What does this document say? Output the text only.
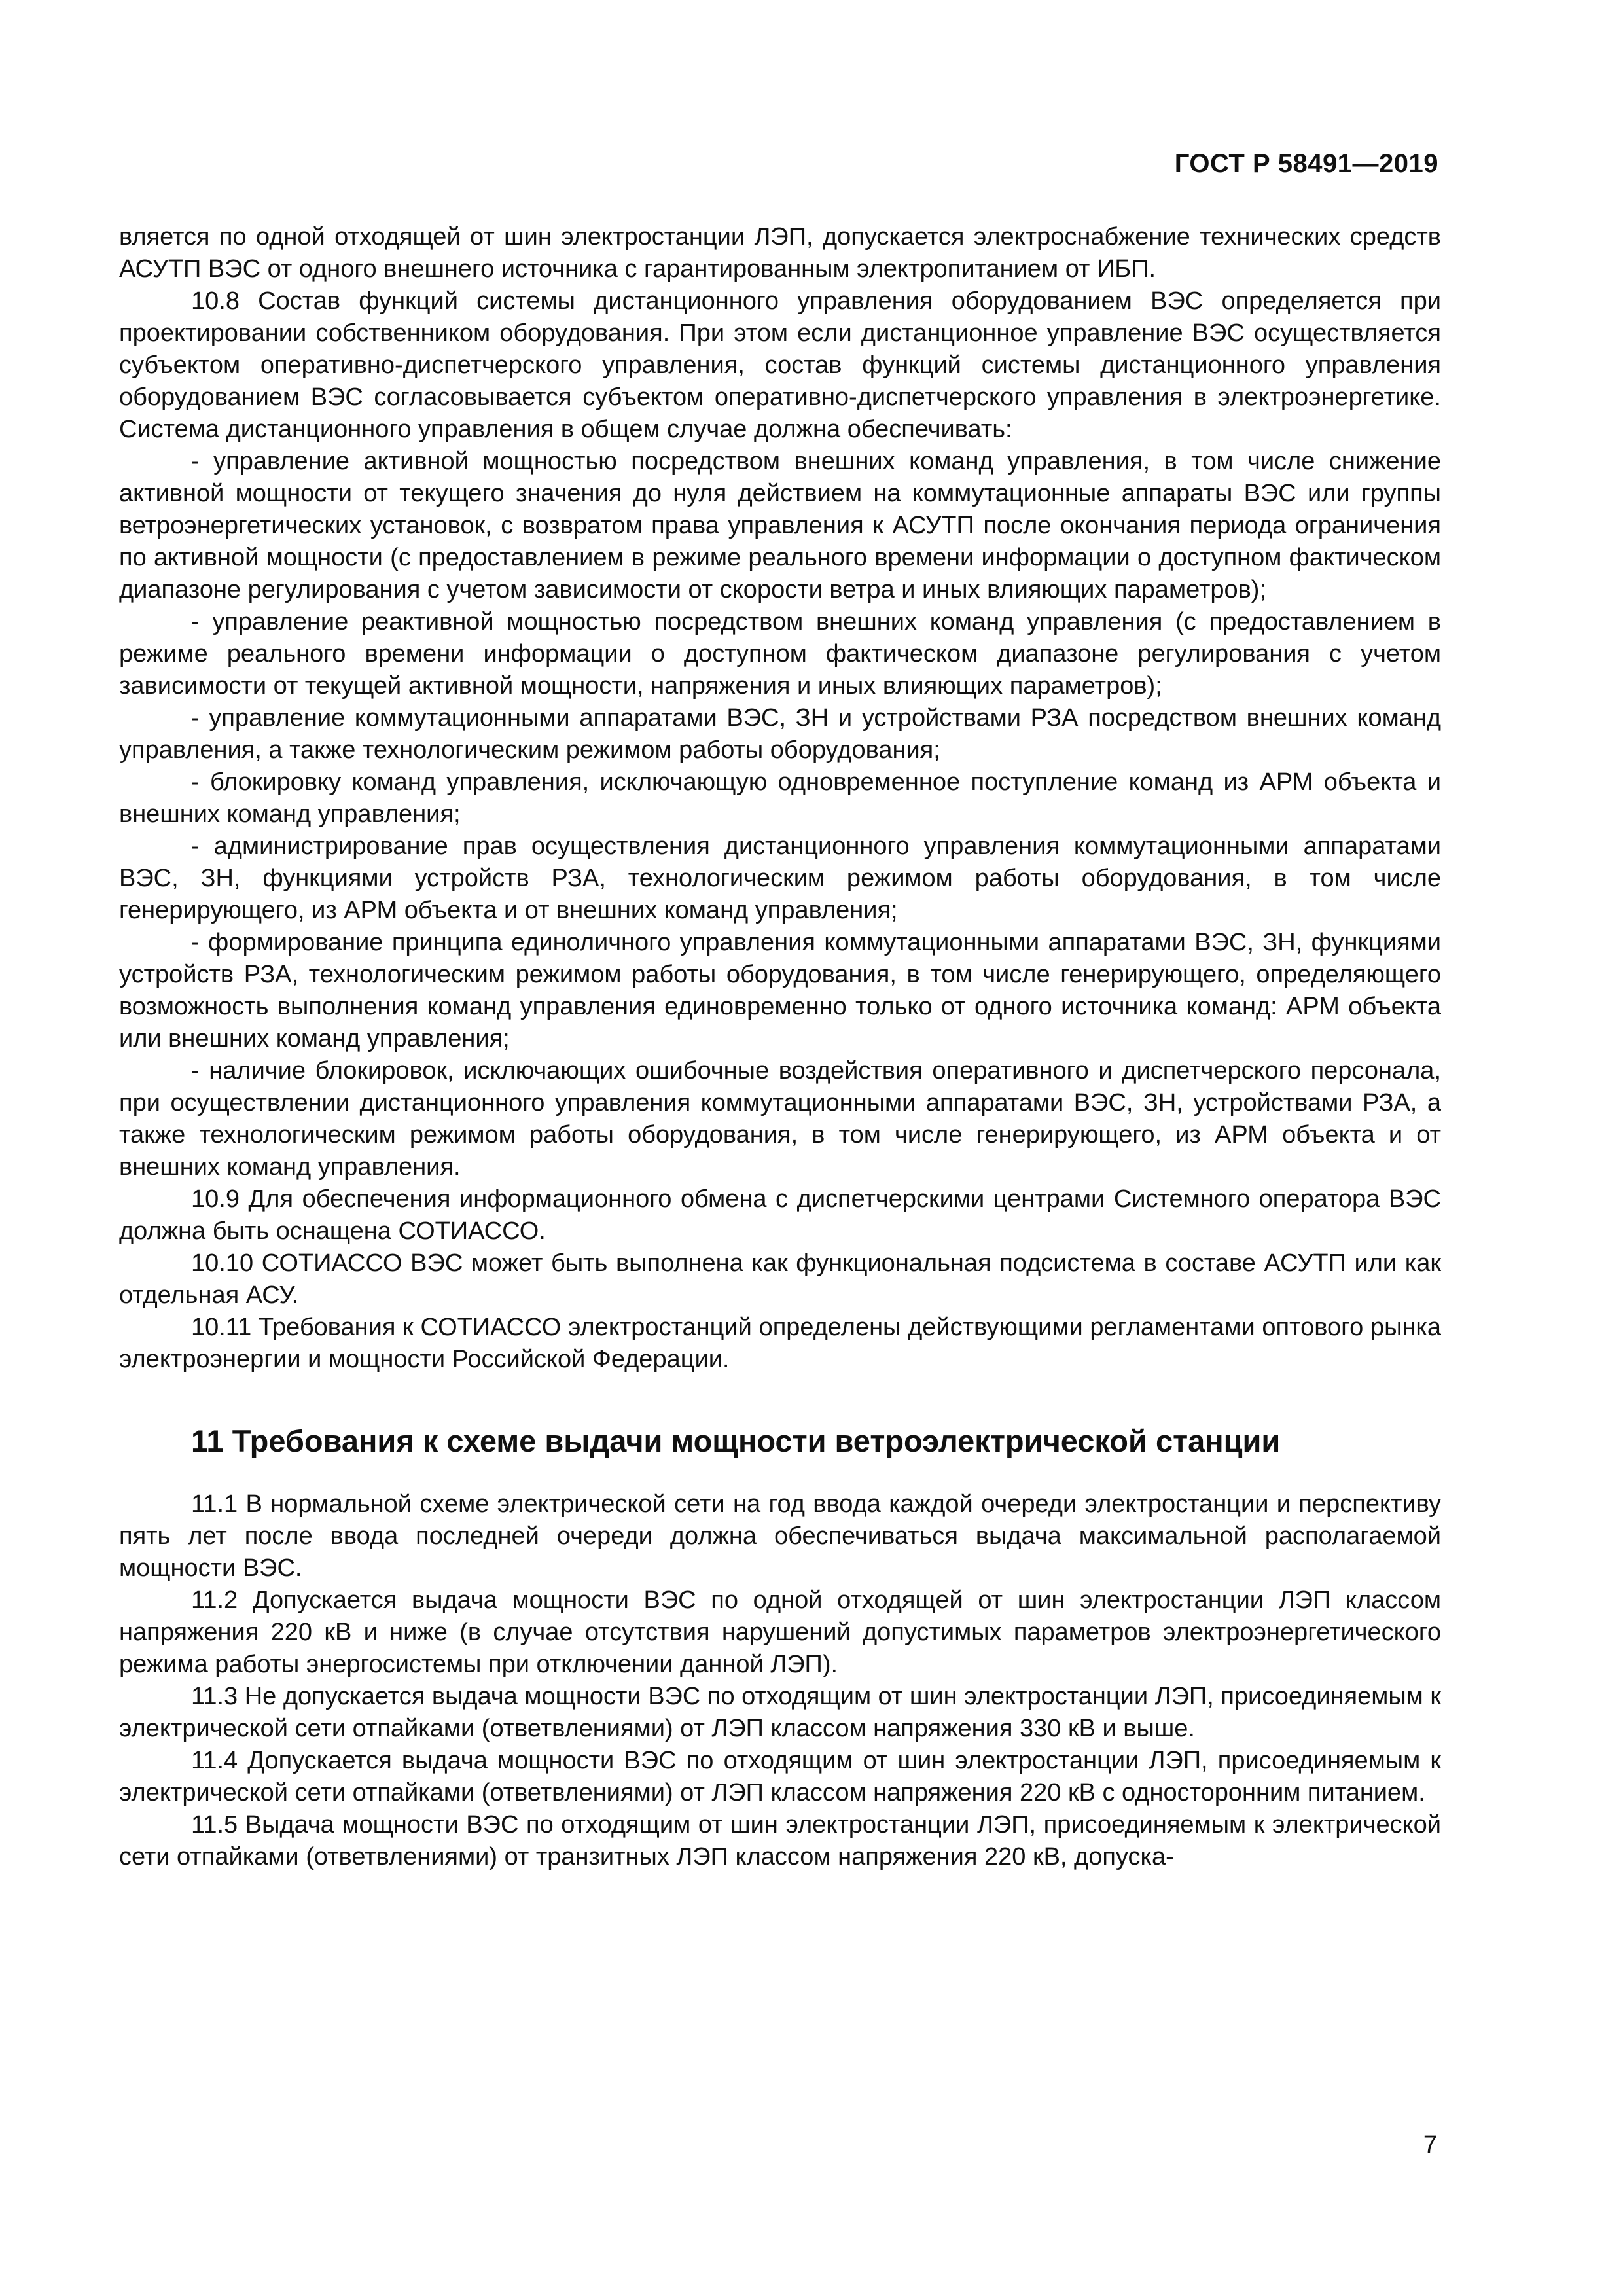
ГОСТ Р 58491—2019

вляется по одной отходящей от шин электростанции ЛЭП, допускается электроснабжение технических средств АСУТП ВЭС от одного внешнего источника с гарантированным электропитанием от ИБП.

10.8 Состав функций системы дистанционного управления оборудованием ВЭС определяется при проектировании собственником оборудования. При этом если дистанционное управление ВЭС осуществляется субъектом оперативно-диспетчерского управления, состав функций системы дистанционного управления оборудованием ВЭС согласовывается субъектом оперативно-диспетчерского управления в электроэнергетике. Система дистанционного управления в общем случае должна обеспечивать:

- управление активной мощностью посредством внешних команд управления, в том числе снижение активной мощности от текущего значения до нуля действием на коммутационные аппараты ВЭС или группы ветроэнергетических установок, с возвратом права управления к АСУТП после окончания периода ограничения по активной мощности (с предоставлением в режиме реального времени информации о доступном фактическом диапазоне регулирования с учетом зависимости от скорости ветра и иных влияющих параметров);

- управление реактивной мощностью посредством внешних команд управления (с предоставлением в режиме реального времени информации о доступном фактическом диапазоне регулирования с учетом зависимости от текущей активной мощности, напряжения и иных влияющих параметров);

- управление коммутационными аппаратами ВЭС, ЗН и устройствами РЗА посредством внешних команд управления, а также технологическим режимом работы оборудования;

- блокировку команд управления, исключающую одновременное поступление команд из АРМ объекта и внешних команд управления;

- администрирование прав осуществления дистанционного управления коммутационными аппаратами ВЭС, ЗН, функциями устройств РЗА, технологическим режимом работы оборудования, в том числе генерирующего, из АРМ объекта и от внешних команд управления;

- формирование принципа единоличного управления коммутационными аппаратами ВЭС, ЗН, функциями устройств РЗА, технологическим режимом работы оборудования, в том числе генерирующего, определяющего возможность выполнения команд управления единовременно только от одного источника команд: АРМ объекта или внешних команд управления;

- наличие блокировок, исключающих ошибочные воздействия оперативного и диспетчерского персонала, при осуществлении дистанционного управления коммутационными аппаратами ВЭС, ЗН, устройствами РЗА, а также технологическим режимом работы оборудования, в том числе генерирующего, из АРМ объекта и от внешних команд управления.

10.9 Для обеспечения информационного обмена с диспетчерскими центрами Системного оператора ВЭС должна быть оснащена СОТИАССО.

10.10 СОТИАССО ВЭС может быть выполнена как функциональная подсистема в составе АСУТП или как отдельная АСУ.

10.11 Требования к СОТИАССО электростанций определены действующими регламентами оптового рынка электроэнергии и мощности Российской Федерации.

11 Требования к схеме выдачи мощности ветроэлектрической станции

11.1 В нормальной схеме электрической сети на год ввода каждой очереди электростанции и перспективу пять лет после ввода последней очереди должна обеспечиваться выдача максимальной располагаемой мощности ВЭС.

11.2 Допускается выдача мощности ВЭС по одной отходящей от шин электростанции ЛЭП классом напряжения 220 кВ и ниже (в случае отсутствия нарушений допустимых параметров электроэнергетического режима работы энергосистемы при отключении данной ЛЭП).

11.3 Не допускается выдача мощности ВЭС по отходящим от шин электростанции ЛЭП, присоединяемым к электрической сети отпайками (ответвлениями) от ЛЭП классом напряжения 330 кВ и выше.

11.4 Допускается выдача мощности ВЭС по отходящим от шин электростанции ЛЭП, присоединяемым к электрической сети отпайками (ответвлениями) от ЛЭП классом напряжения 220 кВ с односторонним питанием.

11.5 Выдача мощности ВЭС по отходящим от шин электростанции ЛЭП, присоединяемым к электрической сети отпайками (ответвлениями) от транзитных ЛЭП классом напряжения 220 кВ, допуска-

7
